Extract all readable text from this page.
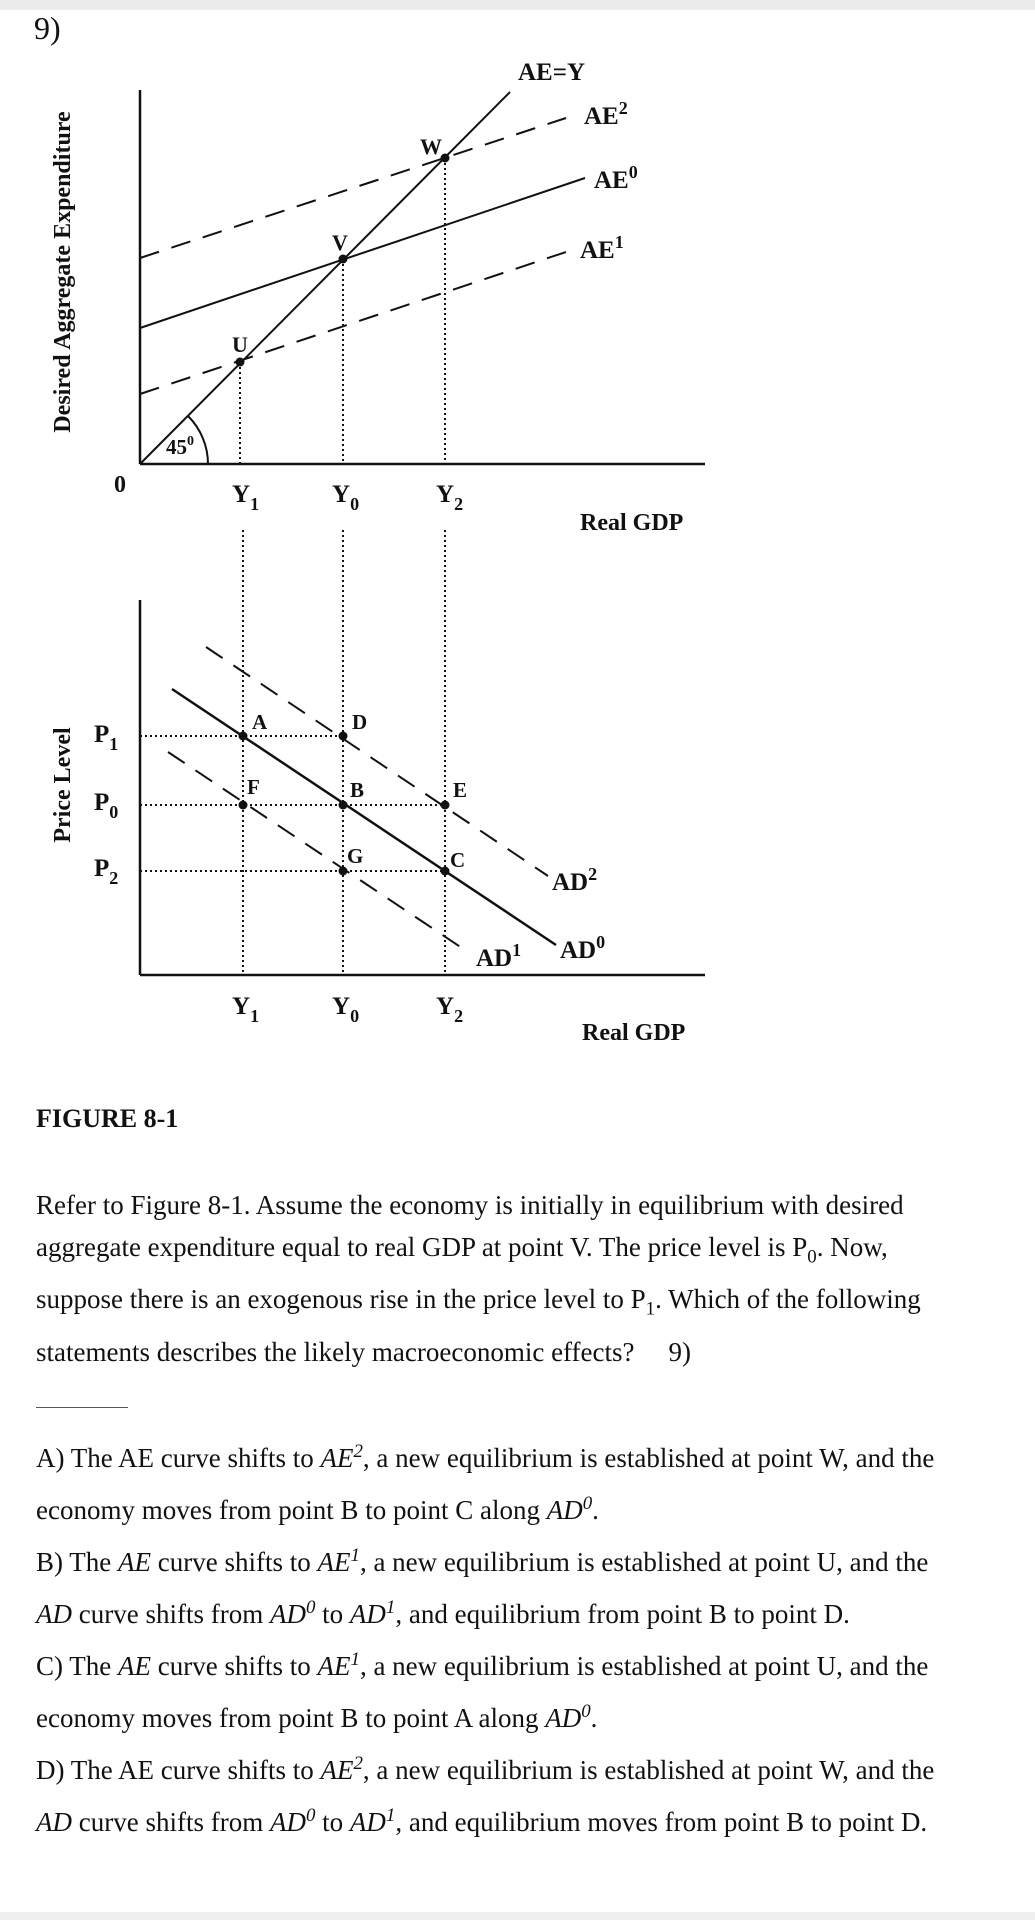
9)
Desired Aggregate Expenditure
0
$45^0$
U
V
W
AE=Y
$AE^2$
$AE^0$
$AE^1$
$Y_1$	$Y_0$	$Y_2$
Real GDP
Price Level $P_1$
$P_0$
$P_2$
A	D
F	B	E
G	C
$AD^2$
$AD^0$
$AD^1$
$Y_1$	$Y_0$	$Y_2$
Real GDP
FIGURE 8-1
Refer to Figure 8-1. Assume the economy is initially in equilibrium with desired aggregate expenditure equal to real GDP at point V. The price level is $P_0$. Now, suppose there is an exogenous rise in the price level to $P_1$. Which of the following statements describes the likely macroeconomic effects? 9)

A) The AE curve shifts to $AE^2$, a new equilibrium is established at point W, and the economy moves from point B to point C along $AD^0$.

B) The AE curve shifts to $AE^1$, a new equilibrium is established at point U, and the AD curve shifts from $AD^0$ to $AD^1$, and equilibrium from point B to point D.

C) The AE curve shifts to $AE^1$, a new equilibrium is established at point U, and the economy moves from point B to point A along $AD^0$.

D) The AE curve shifts to $AE^2$, a new equilibrium is established at point W, and the AD curve shifts from $AD^0$ to $AD^1$, and equilibrium moves from point B to point D.
